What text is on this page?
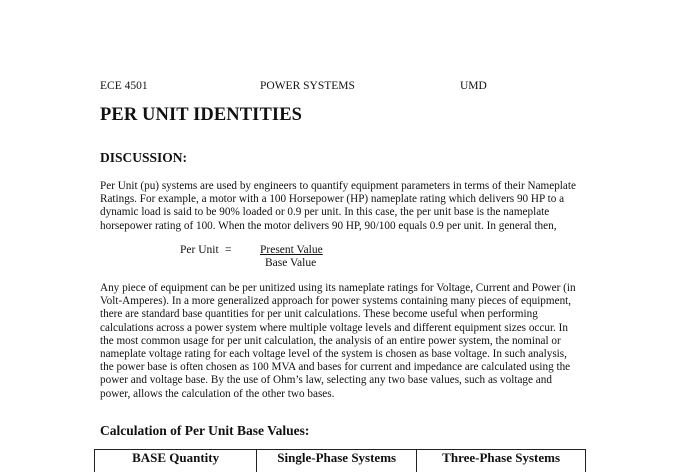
ECE 4501	POWER SYSTEMS	UMD
PER UNIT IDENTITIES
DISCUSSION:
Per Unit (pu) systems are used by engineers to quantify equipment parameters in terms of their Nameplate
Ratings. For example, a motor with a 100 Horsepower (HP) nameplate rating which delivers 90 HP to a
dynamic load is said to be 90% loaded or 0.9 per unit. In this case, the per unit base is the nameplate
horsepower rating of 100. When the motor delivers 90 HP, 90/100 equals 0.9 per unit. In general then,
Per Unit = Present Value
Base Value
Any piece of equipment can be per unitized using its nameplate ratings for Voltage, Current and Power (in
Volt-Amperes). In a more generalized approach for power systems containing many pieces of equipment,
there are standard base quantities for per unit calculations. These become useful when performing
calculations across a power system where multiple voltage levels and different equipment sizes occur. In
the most common usage for per unit calculation, the analysis of an entire power system, the nominal or
nameplate voltage rating for each voltage level of the system is chosen as base voltage. In such analysis,
the power base is often chosen as 100 MVA and bases for current and impedance are calculated using the
power and voltage base. By the use of Ohm’s law, selecting any two base values, such as voltage and
power, allows the calculation of the other two bases.
Calculation of Per Unit Base Values:
BASE Quantity	Single-Phase Systems	Three-Phase Systems
